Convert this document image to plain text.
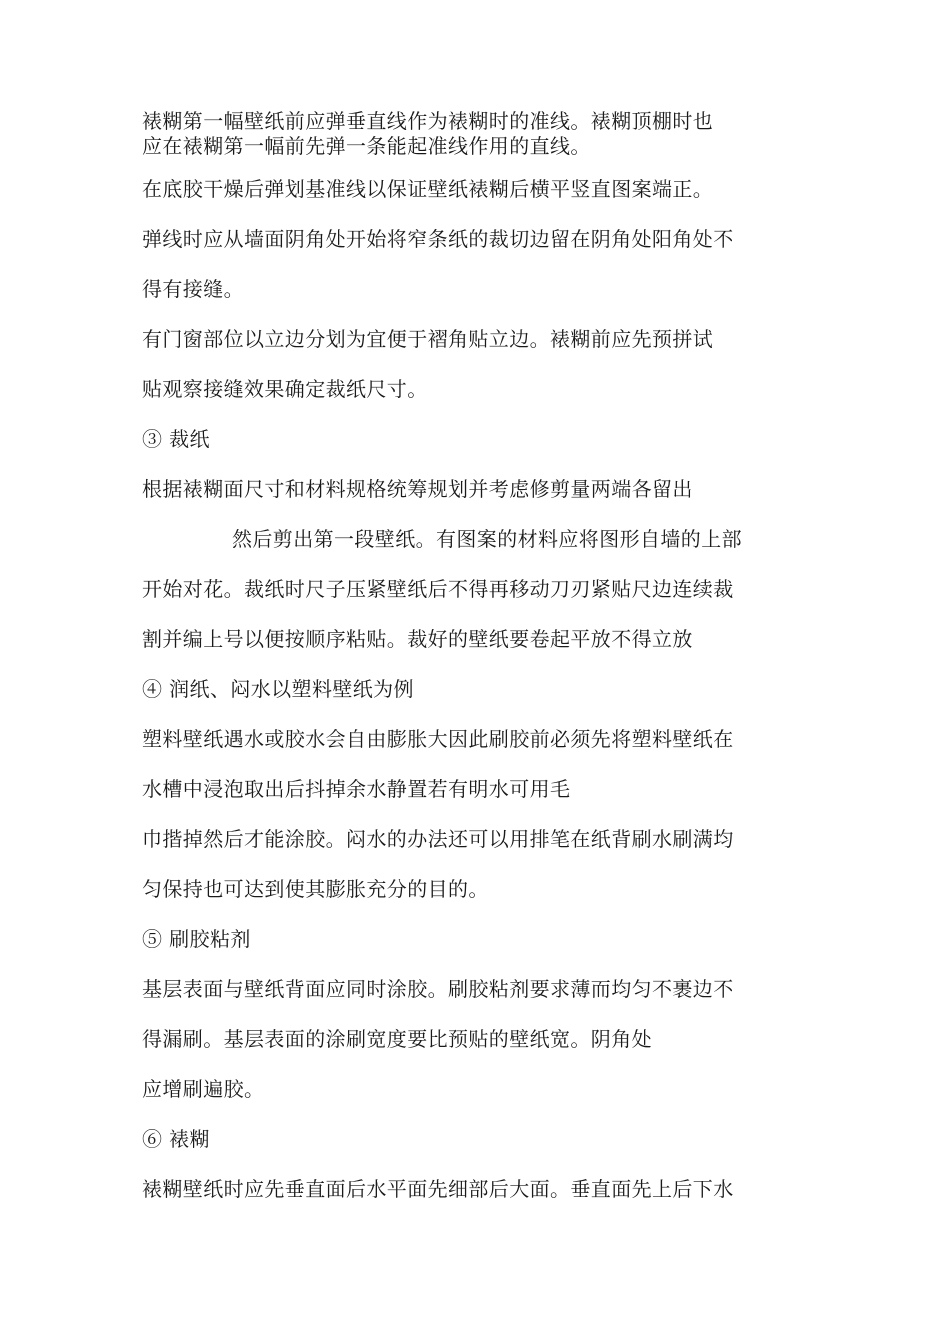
裱糊第一幅壁纸前应弹垂直线作为裱糊时的准线。裱糊顶棚时也
应在裱糊第一幅前先弹一条能起准线作用的直线。
在底胶干燥后弹划基准线以保证壁纸裱糊后横平竖直图案端正。
弹线时应从墙面阴角处开始将窄条纸的裁切边留在阴角处阳角处不
得有接缝。
有门窗部位以立边分划为宜便于褶角贴立边。裱糊前应先预拼试
贴观察接缝效果确定裁纸尺寸。
③ 裁纸
根据裱糊面尺寸和材料规格统筹规划并考虑修剪量两端各留出
然后剪出第一段壁纸。有图案的材料应将图形自墙的上部
开始对花。裁纸时尺子压紧壁纸后不得再移动刀刃紧贴尺边连续裁
割并编上号以便按顺序粘贴。裁好的壁纸要卷起平放不得立放
④ 润纸、闷水以塑料壁纸为例
塑料壁纸遇水或胶水会自由膨胀大因此刷胶前必须先将塑料壁纸在
水槽中浸泡取出后抖掉余水静置若有明水可用毛
巾揩掉然后才能涂胶。闷水的办法还可以用排笔在纸背刷水刷满均
匀保持也可达到使其膨胀充分的目的。
⑤ 刷胶粘剂
基层表面与壁纸背面应同时涂胶。刷胶粘剂要求薄而均匀不裹边不
得漏刷。基层表面的涂刷宽度要比预贴的壁纸宽。阴角处
应增刷遍胶。
⑥ 裱糊
裱糊壁纸时应先垂直面后水平面先细部后大面。垂直面先上后下水
